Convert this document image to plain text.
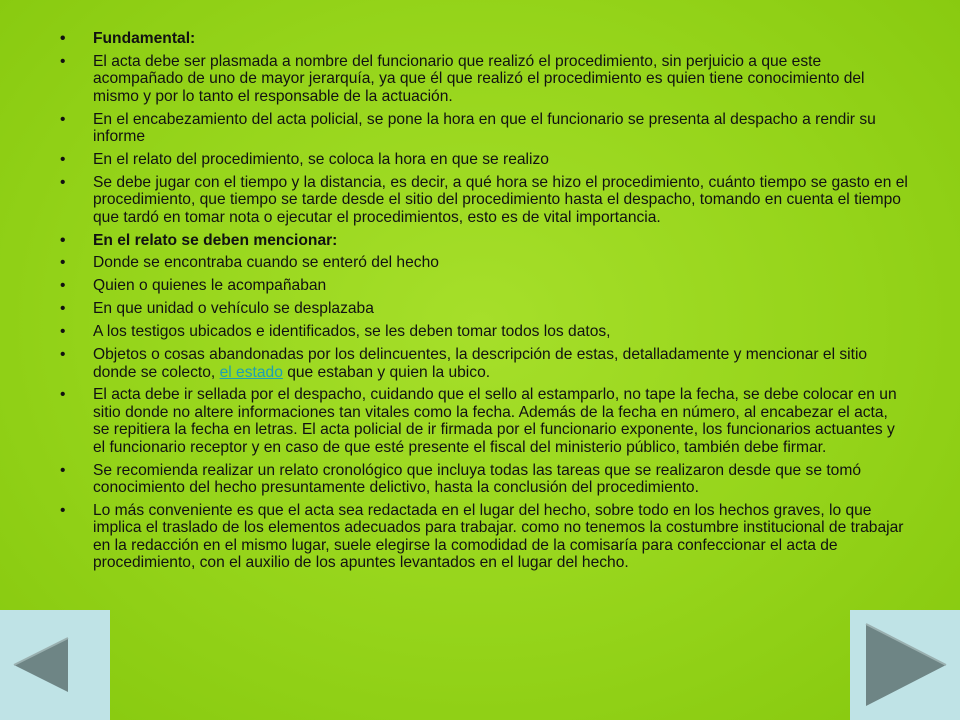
• Fundamental:
• El acta debe ser plasmada a nombre del funcionario que realizó el procedimiento, sin perjuicio a que este acompañado de uno de mayor jerarquía, ya que él que realizó el procedimiento es quien tiene conocimiento del mismo y por lo tanto el responsable de la actuación.
• En el encabezamiento del acta policial, se pone la hora en que el funcionario se presenta al despacho a rendir su informe
• En el relato del procedimiento, se coloca la hora en que se realizo
• Se debe jugar con el tiempo y la distancia, es decir, a qué hora se hizo el procedimiento, cuánto tiempo se gasto en el procedimiento, que tiempo se tarde desde el sitio del procedimiento hasta el despacho, tomando en cuenta el tiempo que tardó en tomar nota o ejecutar el procedimientos, esto es de vital importancia.
• En el relato se deben mencionar:
• Donde se encontraba cuando se enteró del hecho
• Quien o quienes le acompañaban
• En que unidad o vehículo se desplazaba
• A los testigos ubicados e identificados, se les deben tomar todos los datos,
• Objetos o cosas abandonadas por los delincuentes, la descripción de estas, detalladamente y mencionar el sitio donde se colecto, el estado que estaban y quien la ubico.
• El acta debe ir sellada por el despacho, cuidando que el sello al estamparlo, no tape la fecha, se debe colocar en un sitio donde no altere informaciones tan vitales como la fecha. Además de la fecha en número, al encabezar el acta, se repitiera la fecha en letras. El acta policial de ir firmada por el funcionario exponente, los funcionarios actuantes y el funcionario receptor y en caso de que esté presente el fiscal del ministerio público, también debe firmar.
• Se recomienda realizar un relato cronológico que incluya todas las tareas que se realizaron desde que se tomó conocimiento del hecho presuntamente delictivo, hasta la conclusión del procedimiento.
• Lo más conveniente es que el acta sea redactada en el lugar del hecho, sobre todo en los hechos graves, lo que implica el traslado de los elementos adecuados para trabajar. como no tenemos la costumbre institucional de trabajar en la redacción en el mismo lugar, suele elegirse la comodidad de la comisaría para confeccionar el acta de procedimiento, con el auxilio de los apuntes levantados en el lugar del hecho.
